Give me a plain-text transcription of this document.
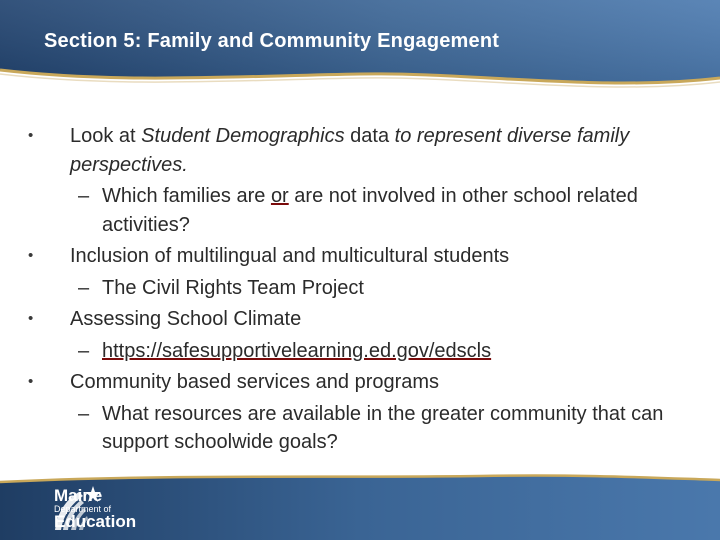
Section 5: Family and Community Engagement

• Look at Student Demographics data to represent diverse family perspectives.

– Which families are or are not involved in other school related activities?

• Inclusion of multilingual and multicultural students

– The Civil Rights Team Project

• Assessing School Climate

– https://safesupportivelearning.ed.gov/edscls

• Community based services and programs

– What resources are available in the greater community that can support schoolwide goals?

Maine

Department of

Education
